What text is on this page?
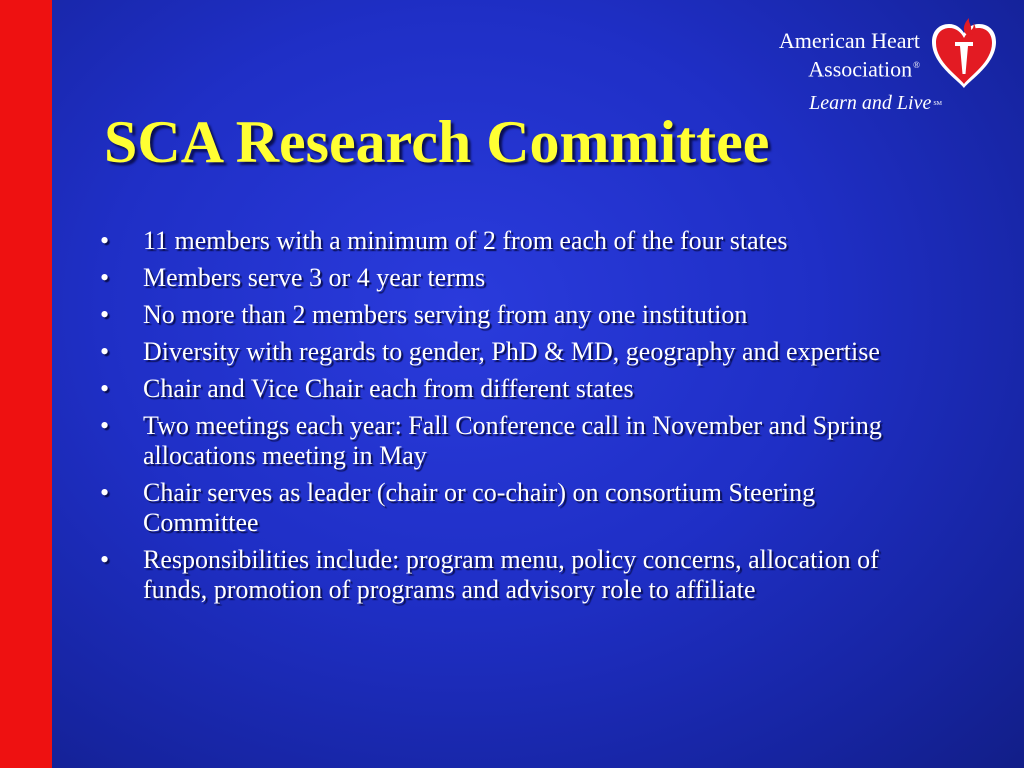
American Heart
Association®
Learn and Live SM
SCA Research Committee
• 11 members with a minimum of 2 from each of the four states
• Members serve 3 or 4 year terms
• No more than 2 members serving from any one institution
• Diversity with regards to gender, PhD & MD, geography and expertise
• Chair and Vice Chair each from different states
• Two meetings each year: Fall Conference call in November and Spring allocations meeting in May
• Chair serves as leader (chair or co-chair) on consortium Steering Committee
• Responsibilities include: program menu, policy concerns, allocation of funds, promotion of programs and advisory role to affiliate
